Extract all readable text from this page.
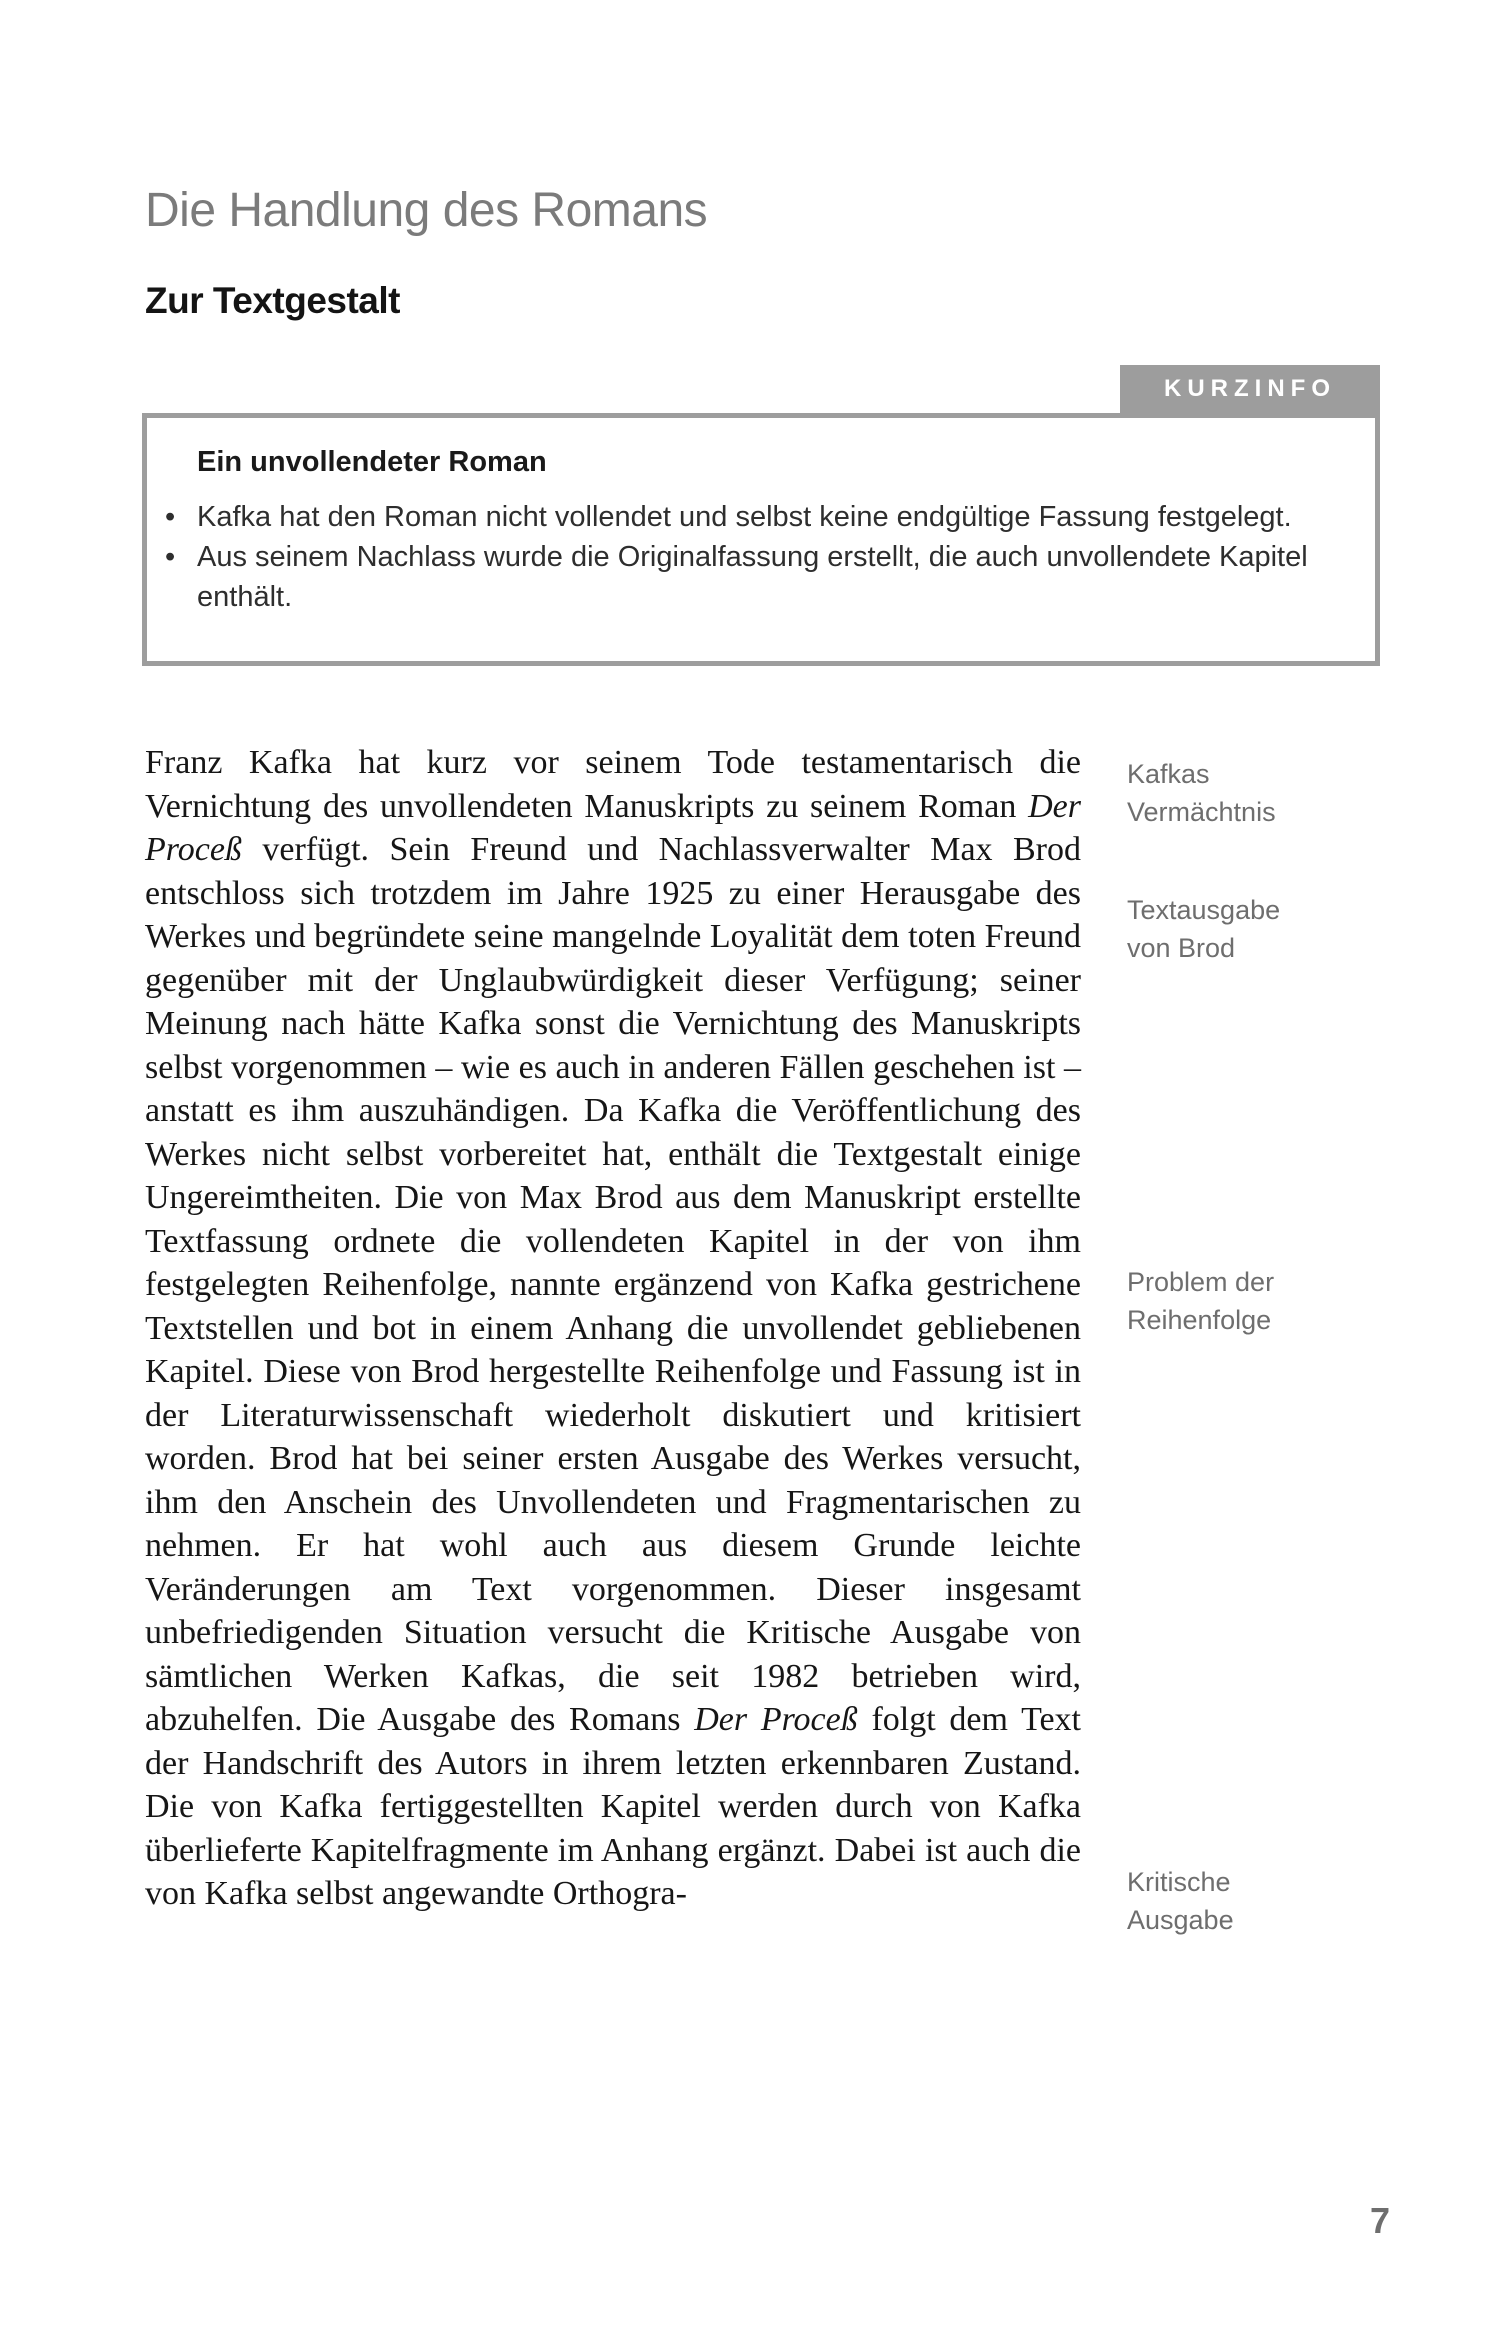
Die Handlung des Romans
Zur Textgestalt
KURZINFO
Ein unvollendeter Roman
• Kafka hat den Roman nicht vollendet und selbst keine endgültige Fassung festgelegt.
• Aus seinem Nachlass wurde die Originalfassung erstellt, die auch unvollendete Kapitel enthält.

Franz Kafka hat kurz vor seinem Tode testamentarisch die Vernichtung des unvollendeten Manuskripts zu seinem Roman Der Proceß verfügt. Sein Freund und Nachlassverwalter Max Brod entschloss sich trotzdem im Jahre 1925 zu einer Herausgabe des Werkes und begründete seine mangelnde Loyalität dem toten Freund gegenüber mit der Unglaubwürdigkeit dieser Verfügung; seiner Meinung nach hätte Kafka sonst die Vernichtung des Manuskripts selbst vorgenommen – wie es auch in anderen Fällen geschehen ist – anstatt es ihm auszuhändigen. Da Kafka die Veröffentlichung des Werkes nicht selbst vorbereitet hat, enthält die Textgestalt einige Ungereimtheiten. Die von Max Brod aus dem Manuskript erstellte Textfassung ordnete die vollendeten Kapitel in der von ihm festgelegten Reihenfolge, nannte ergänzend von Kafka gestrichene Textstellen und bot in einem Anhang die unvollendet gebliebenen Kapitel. Diese von Brod hergestellte Reihenfolge und Fassung ist in der Literaturwissenschaft wiederholt diskutiert und kritisiert worden. Brod hat bei seiner ersten Ausgabe des Werkes versucht, ihm den Anschein des Unvollendeten und Fragmentarischen zu nehmen. Er hat wohl auch aus diesem Grunde leichte Veränderungen am Text vorgenommen. Dieser insgesamt unbefriedigenden Situation versucht die Kritische Ausgabe von sämtlichen Werken Kafkas, die seit 1982 betrieben wird, abzuhelfen. Die Ausgabe des Romans Der Proceß folgt dem Text der Handschrift des Autors in ihrem letzten erkennbaren Zustand. Die von Kafka fertiggestellten Kapitel werden durch von Kafka überlieferte Kapitelfragmente im Anhang ergänzt. Dabei ist auch die von Kafka selbst angewandte Orthogra-

Kafkas
Vermächtnis
Textausgabe
von Brod
Problem der
Reihenfolge
Kritische
Ausgabe
7
